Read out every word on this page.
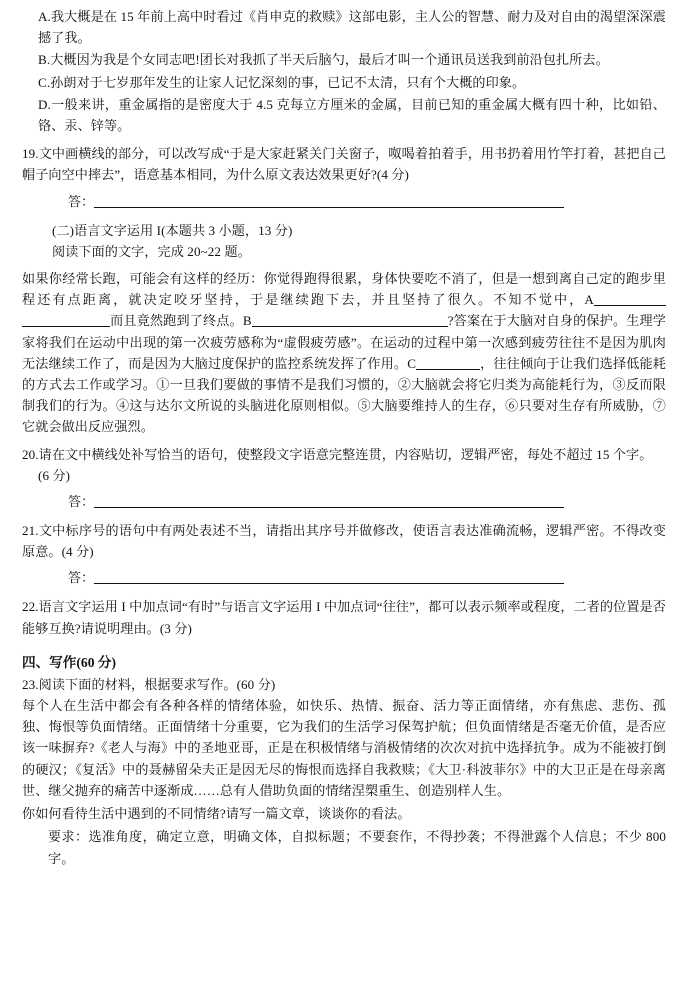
A.我大概是在 15 年前上高中时看过《肖申克的救赎》这部电影，主人公的智慧、耐力及对自由的渴望深深震撼了我。
B.大概因为我是个女同志吧!团长对我抓了半天后脑勺，最后才叫一个通讯员送我到前沿包扎所去。
C.孙朗对于七岁那年发生的让家人记忆深刻的事，已记不太清，只有个大概的印象。
D.一般来讲，重金属指的是密度大于 4.5 克每立方厘米的金属，目前已知的重金属大概有四十种，比如铅、铬、汞、锌等。
19.文中画横线的部分，可以改写成“于是大家赶紧关门关窗子，呶喝着拍着手，用书扔着用竹竿打着，甚把自己帽子向空中摔去”，语意基本相同，为什么原文表达效果更好?(4 分)
答：
(二)语言文字运用 I(本题共 3 小题，13 分)
阅读下面的文字，完成 20~22 题。
如果你经常长跑，可能会有这样的经历：你觉得跑得很累，身体快要吃不消了，但是一想到离自己定的跑步里程还有点距离，就决定咬牙坚持，于是继续跑下去，并且坚持了很久。不知不觉中，A而且竟然跑到了终点。B	?答案在于大脑对自身的保护。生理学家将我们在运动中出现的第一次疲劳感称为“虚假疲劳感”。在运动的过程中第一次感到疲劳往往不是因为肌肉无法继续工作了，而是因为大脑过度保护的监控系统发挥了作用。C	，往往倾向于让我们选择低能耗的方式去工作或学习。①一旦我们要做的事情不是我们习惯的，②大脑就会将它归类为高能耗行为，③反而限制我们的行为。④这与达尔文所说的头脑进化原则相似。⑤大脑要维持人的生存，⑥只要对生存有所威胁，⑦它就会做出反应强烈。
20.请在文中横线处补写恰当的语句，使整段文字语意完整连贯，内容贴切，逻辑严密，每处不超过 15 个字。
(6 分)
答：
21.文中标序号的语句中有两处表述不当，请指出其序号并做修改，使语言表达准确流畅，逻辑严密。不得改变原意。(4 分)
答：
22.语言文字运用 I 中加点词“有时”与语言文字运用 I 中加点词“往往”，都可以表示频率或程度，二者的位置是否能够互换?请说明理由。(3 分)
四、写作(60 分)
23.阅读下面的材料，根据要求写作。(60 分)
每个人在生活中都会有各种各样的情绪体验，如快乐、热情、振奋、活力等正面情绪，亦有焦虑、悲伤、孤独、悔恨等负面情绪。正面情绪十分重要，它为我们的生活学习保驾护航；但负面情绪是否毫无价值，是否应该一味摒弃?《老人与海》中的圣地亚哥，正是在积极情绪与消极情绪的次次对抗中选择抗争。成为不能被打倒的硬汉；《复活》中的聂赫留朵夫正是因无尽的悔恨而选择自我救赎；《大卫·科波菲尔》中的大卫正是在母亲离世、继父抛弃的痛苦中逐渐成……总有人借助负面的情绪涅槊重生、创造别样人生。
你如何看待生活中遇到的不同情绪?请写一篇文章，谈谈你的看法。
要求：选准角度，确定立意，明确文体，自拟标题；不要套作，不得抄袭；不得泄露个人信息；不少 800 字。
